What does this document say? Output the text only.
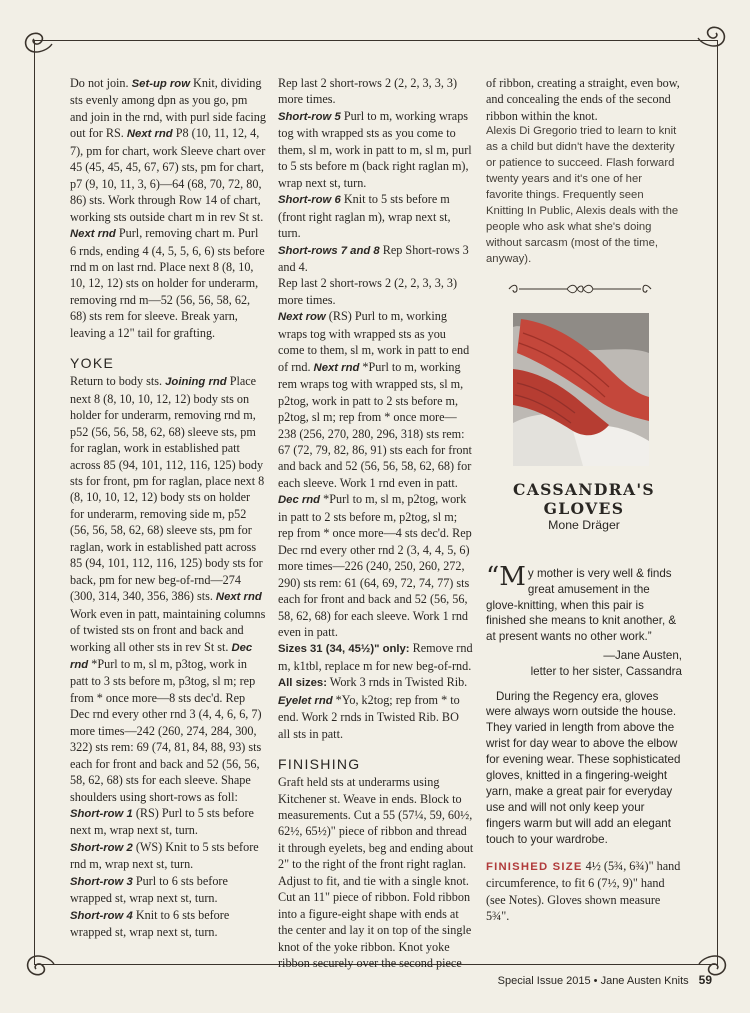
Do not join. Set-up row Knit, dividing sts evenly among dpn as you go, pm and join in the rnd, with purl side facing out for RS. Next rnd P8 (10, 11, 12, 4, 7), pm for chart, work Sleeve chart over 45 (45, 45, 45, 67, 67) sts, pm for chart, p7 (9, 10, 11, 3, 6)—64 (68, 70, 72, 80, 86) sts. Work through Row 14 of chart, working sts outside chart m in rev St st. Next rnd Purl, removing chart m. Purl 6 rnds, ending 4 (4, 5, 5, 6, 6) sts before rnd m on last rnd. Place next 8 (8, 10, 10, 12, 12) sts on holder for underarm, removing rnd m—52 (56, 56, 58, 62, 68) sts rem for sleeve. Break yarn, leaving a 12" tail for grafting.

YOKE

Return to body sts. Joining rnd Place next 8 (8, 10, 10, 12, 12) body sts on holder for underarm, removing rnd m, p52 (56, 56, 58, 62, 68) sleeve sts, pm for raglan, work in established patt across 85 (94, 101, 112, 116, 125) body sts for front, pm for raglan, place next 8 (8, 10, 10, 12, 12) body sts on holder for underarm, removing side m, p52 (56, 56, 58, 62, 68) sleeve sts, pm for raglan, work in established patt across 85 (94, 101, 112, 116, 125) body sts for back, pm for new beg-of-rnd—274 (300, 314, 340, 356, 386) sts. Next rnd Work even in patt, maintaining columns of twisted sts on front and back and working all other sts in rev St st. Dec rnd *Purl to m, sl m, p3tog, work in patt to 3 sts before m, p3tog, sl m; rep from * once more—8 sts dec'd. Rep Dec rnd every other rnd 3 (4, 4, 6, 6, 7) more times—242 (260, 274, 284, 300, 322) sts rem: 69 (74, 81, 84, 88, 93) sts each for front and back and 52 (56, 56, 58, 62, 68) sts for each sleeve. Shape shoulders using short-rows as foll:

Short-row 1 (RS) Purl to 5 sts before next m, wrap next st, turn.

Short-row 2 (WS) Knit to 5 sts before rnd m, wrap next st, turn.

Short-row 3 Purl to 6 sts before wrapped st, wrap next st, turn.

Short-row 4 Knit to 6 sts before wrapped st, wrap next st, turn.

Rep last 2 short-rows 2 (2, 2, 3, 3, 3) more times.

Short-row 5 Purl to m, working wraps tog with wrapped sts as you come to them, sl m, work in patt to m, sl m, purl to 5 sts before m (back right raglan m), wrap next st, turn.

Short-row 6 Knit to 5 sts before m (front right raglan m), wrap next st, turn.

Short-rows 7 and 8 Rep Short-rows 3 and 4.

Rep last 2 short-rows 2 (2, 2, 3, 3, 3) more times.

Next row (RS) Purl to m, working wraps tog with wrapped sts as you come to them, sl m, work in patt to end of rnd. Next rnd *Purl to m, working rem wraps tog with wrapped sts, sl m, p2tog, work in patt to 2 sts before m, p2tog, sl m; rep from * once more—238 (256, 270, 280, 296, 318) sts rem: 67 (72, 79, 82, 86, 91) sts each for front and back and 52 (56, 56, 58, 62, 68) for each sleeve. Work 1 rnd even in patt. Dec rnd *Purl to m, sl m, p2tog, work in patt to 2 sts before m, p2tog, sl m; rep from * once more—4 sts dec'd. Rep Dec rnd every other rnd 2 (3, 4, 4, 5, 6) more times—226 (240, 250, 260, 272, 290) sts rem: 61 (64, 69, 72, 74, 77) sts each for front and back and 52 (56, 56, 58, 62, 68) for each sleeve. Work 1 rnd even in patt.

Sizes 31 (34, 45½)" only: Remove rnd m, k1tbl, replace m for new beg-of-rnd.

All sizes: Work 3 rnds in Twisted Rib.

Eyelet rnd *Yo, k2tog; rep from * to end. Work 2 rnds in Twisted Rib. BO all sts in patt.

FINISHING

Graft held sts at underarms using Kitchener st. Weave in ends. Block to measurements. Cut a 55 (57¼, 59, 60½, 62½, 65½)" piece of ribbon and thread it through eyelets, beg and ending about 2" to the right of the front right raglan. Adjust to fit, and tie with a single knot. Cut an 11" piece of ribbon. Fold ribbon into a figure-eight shape with ends at the center and lay it on top of the single knot of the yoke ribbon. Knot yoke ribbon securely over the second piece

of ribbon, creating a straight, even bow, and concealing the ends of the second ribbon within the knot.

Alexis Di Gregorio tried to learn to knit as a child but didn't have the dexterity or patience to succeed. Flash forward twenty years and it's one of her favorite things. Frequently seen Knitting In Public, Alexis deals with the people who ask what she's doing without sarcasm (most of the time, anyway).

CASSANDRA'S GLOVES
Mone Dräger
“M y mother is very well & finds great amusement in the glove-knitting, when this pair is finished she means to knit another, & at present wants no other work.”
—Jane Austen,
letter to her sister, Cassandra

During the Regency era, gloves were always worn outside the house. They varied in length from above the wrist for day wear to above the elbow for evening wear. These sophisticated gloves, knitted in a fingering-weight yarn, make a great pair for everyday use and will not only keep your fingers warm but will add an elegant touch to your wardrobe.

FINISHED SIZE 4½ (5¾, 6¾)" hand circumference, to fit 6 (7½, 9)" hand (see Notes). Gloves shown measure 5¾".
Special Issue 2015 • Jane Austen Knits 59
